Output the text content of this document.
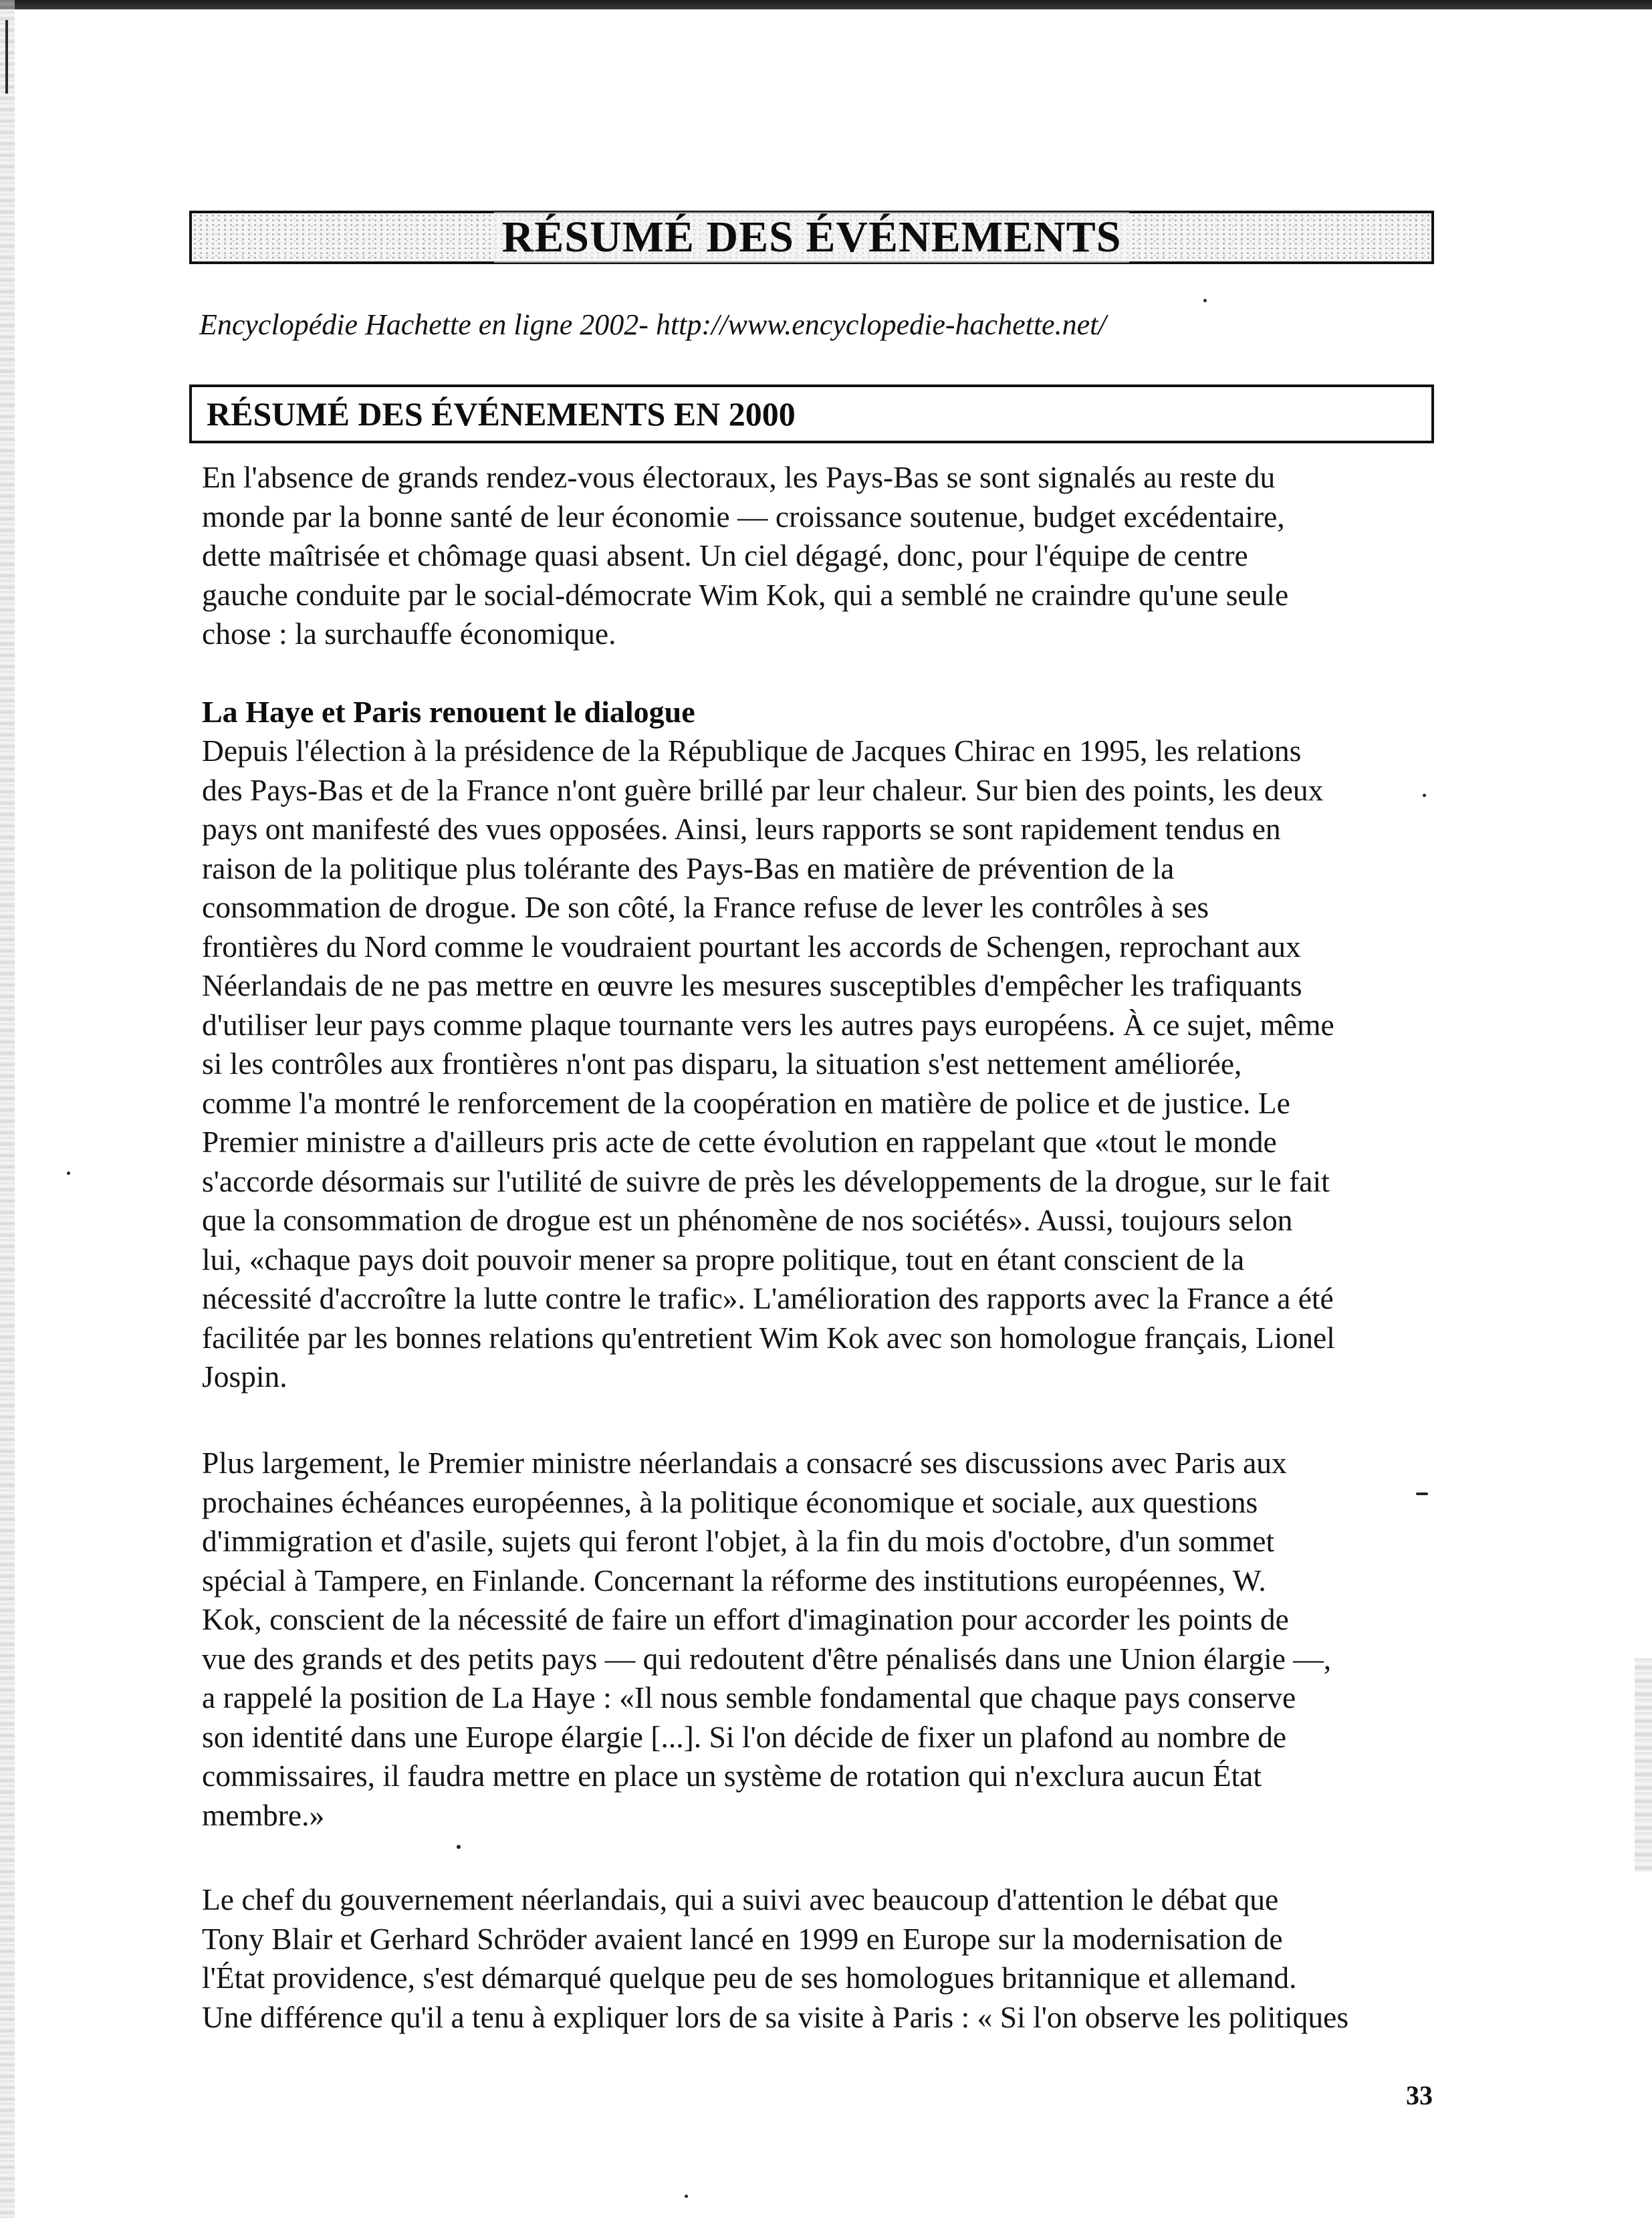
RÉSUMÉ DES ÉVÉNEMENTS
Encyclopédie Hachette en ligne 2002- http://www.encyclopedie-hachette.net/
RÉSUMÉ DES ÉVÉNEMENTS EN 2000
En l'absence de grands rendez-vous électoraux, les Pays-Bas se sont signalés au reste du
monde par la bonne santé de leur économie — croissance soutenue, budget excédentaire,
dette maîtrisée et chômage quasi absent. Un ciel dégagé, donc, pour l'équipe de centre
gauche conduite par le social-démocrate Wim Kok, qui a semblé ne craindre qu'une seule
chose : la surchauffe économique.
La Haye et Paris renouent le dialogue
Depuis l'élection à la présidence de la République de Jacques Chirac en 1995, les relations
des Pays-Bas et de la France n'ont guère brillé par leur chaleur. Sur bien des points, les deux
pays ont manifesté des vues opposées. Ainsi, leurs rapports se sont rapidement tendus en
raison de la politique plus tolérante des Pays-Bas en matière de prévention de la
consommation de drogue. De son côté, la France refuse de lever les contrôles à ses
frontières du Nord comme le voudraient pourtant les accords de Schengen, reprochant aux
Néerlandais de ne pas mettre en œuvre les mesures susceptibles d'empêcher les trafiquants
d'utiliser leur pays comme plaque tournante vers les autres pays européens. À ce sujet, même
si les contrôles aux frontières n'ont pas disparu, la situation s'est nettement améliorée,
comme l'a montré le renforcement de la coopération en matière de police et de justice. Le
Premier ministre a d'ailleurs pris acte de cette évolution en rappelant que «tout le monde
s'accorde désormais sur l'utilité de suivre de près les développements de la drogue, sur le fait
que la consommation de drogue est un phénomène de nos sociétés». Aussi, toujours selon
lui, «chaque pays doit pouvoir mener sa propre politique, tout en étant conscient de la
nécessité d'accroître la lutte contre le trafic». L'amélioration des rapports avec la France a été
facilitée par les bonnes relations qu'entretient Wim Kok avec son homologue français, Lionel
Jospin.
Plus largement, le Premier ministre néerlandais a consacré ses discussions avec Paris aux
prochaines échéances européennes, à la politique économique et sociale, aux questions
d'immigration et d'asile, sujets qui feront l'objet, à la fin du mois d'octobre, d'un sommet
spécial à Tampere, en Finlande. Concernant la réforme des institutions européennes, W.
Kok, conscient de la nécessité de faire un effort d'imagination pour accorder les points de
vue des grands et des petits pays — qui redoutent d'être pénalisés dans une Union élargie —,
a rappelé la position de La Haye : «Il nous semble fondamental que chaque pays conserve
son identité dans une Europe élargie [...]. Si l'on décide de fixer un plafond au nombre de
commissaires, il faudra mettre en place un système de rotation qui n'exclura aucun État
membre.»
Le chef du gouvernement néerlandais, qui a suivi avec beaucoup d'attention le débat que
Tony Blair et Gerhard Schröder avaient lancé en 1999 en Europe sur la modernisation de
l'État providence, s'est démarqué quelque peu de ses homologues britannique et allemand.
Une différence qu'il a tenu à expliquer lors de sa visite à Paris : « Si l'on observe les politiques
33
